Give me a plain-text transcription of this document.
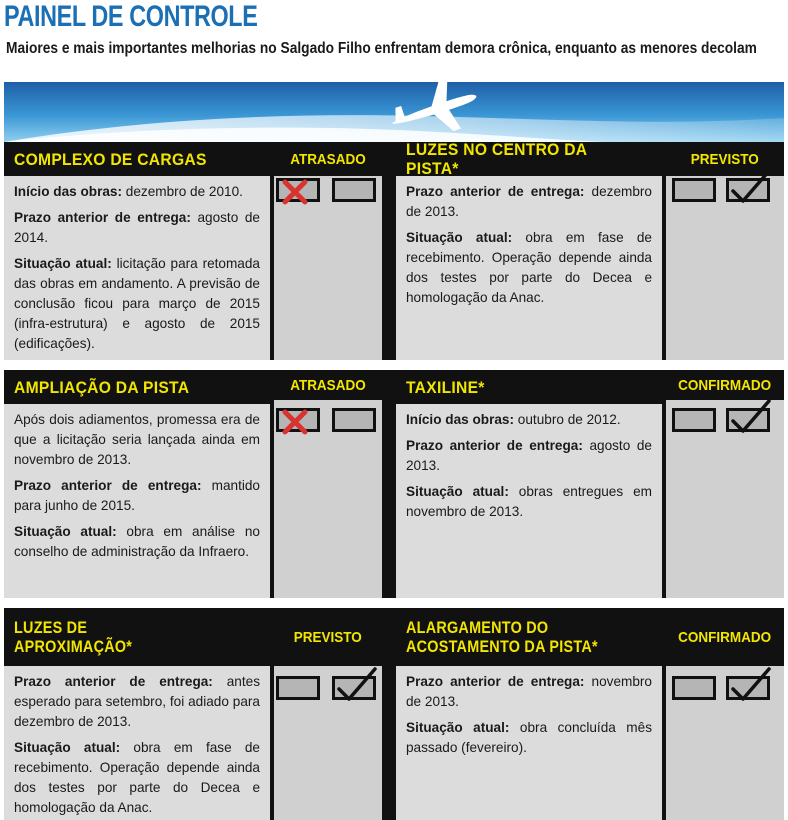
PAINEL DE CONTROLE
Maiores e mais importantes melhorias no Salgado Filho enfrentam demora crônica, enquanto as menores decolam
COMPLEXO DE CARGAS

Início das obras: dezembro de 2010.

Prazo anterior de entrega: agosto de 2014.

Situação atual: licitação para retomada das obras em andamento. A previsão de conclusão ficou para março de 2015 (infra-estrutura) e agosto de 2015 (edificações).

ATRASADO LUZES NO CENTRO DA PISTA*

Prazo anterior de entrega: dezembro de 2013.

Situação atual: obra em fase de recebimento. Operação depende ainda dos testes por parte do Decea e homologação da Anac.

PREVISTO
AMPLIAÇÃO DA PISTA

Após dois adiamentos, promessa era de que a licitação seria lançada ainda em novembro de 2013.

Prazo anterior de entrega: mantido para junho de 2015.

Situação atual: obra em análise no conselho de administração da Infraero.

ATRASADO TAXILINE*

Início das obras: outubro de 2012.

Prazo anterior de entrega: agosto de 2013.

Situação atual: obras entregues em novembro de 2013.

CONFIRMADO
LUZES DE
APROXIMAÇÃO*

Prazo anterior de entrega: antes esperado para setembro, foi adiado para dezembro de 2013.

Situação atual: obra em fase de recebimento. Operação depende ainda dos testes por parte do Decea e homologação da Anac.

PREVISTO	ALARGAMENTO DO
ACOSTAMENTO DA PISTA*

Prazo anterior de entrega: novembro de 2013.

Situação atual: obra concluída mês passado (fevereiro).

CONFIRMADO
